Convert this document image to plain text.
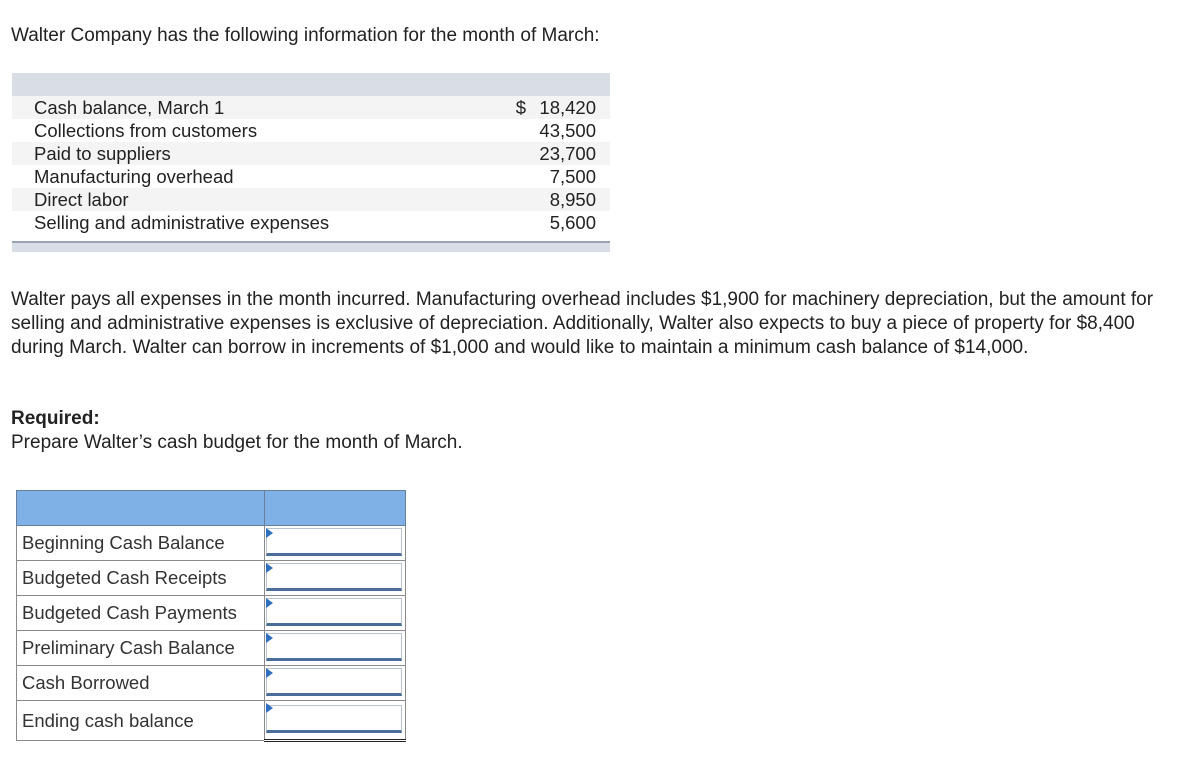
Walter Company has the following information for the month of March:

Cash balance, March 1	$ 18,420
Collections from customers	43,500
Paid to suppliers	23,700
Manufacturing overhead	7,500
Direct labor	8,950
Selling and administrative expenses	5,600

Walter pays all expenses in the month incurred. Manufacturing overhead includes $1,900 for machinery depreciation, but the amount for selling and administrative expenses is exclusive of depreciation. Additionally, Walter also expects to buy a piece of property for $8,400 during March. Walter can borrow in increments of $1,000 and would like to maintain a minimum cash balance of $14,000.

Required:

Prepare Walter’s cash budget for the month of March.

Beginning Cash Balance	

Budgeted Cash Receipts	

Budgeted Cash Payments	

Preliminary Cash Balance	

Cash Borrowed	

Ending cash balance	
